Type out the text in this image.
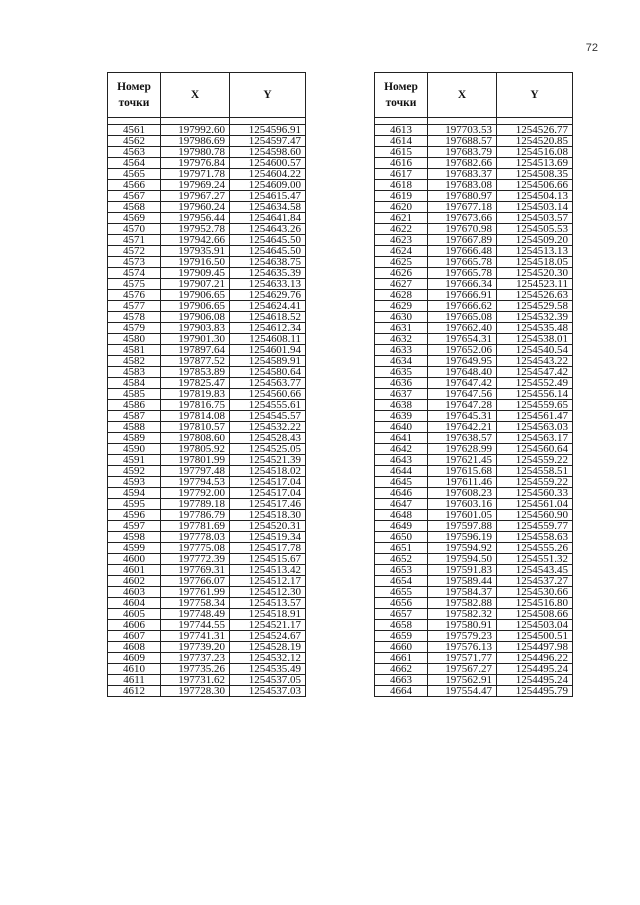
72
Номер точки	X	Y

4561	197992.60	1254596.91
4562	197986.69	1254597.47
4563	197980.78	1254598.60
4564	197976.84	1254600.57
4565	197971.78	1254604.22
4566	197969.24	1254609.00
4567	197967.27	1254615.47
4568	197960.24	1254634.58
4569	197956.44	1254641.84
4570	197952.78	1254643.26
4571	197942.66	1254645.50
4572	197935.91	1254645.50
4573	197916.50	1254638.75
4574	197909.45	1254635.39
4575	197907.21	1254633.13
4576	197906.65	1254629.76
4577	197906.65	1254624.41
4578	197906.08	1254618.52
4579	197903.83	1254612.34
4580	197901.30	1254608.11
4581	197897.64	1254601.94
4582	197877.52	1254589.91
4583	197853.89	1254580.64
4584	197825.47	1254563.77
4585	197819.83	1254560.66
4586	197816.75	1254555.61
4587	197814.08	1254545.57
4588	197810.57	1254532.22
4589	197808.60	1254528.43
4590	197805.92	1254525.05
4591	197801.99	1254521.39
4592	197797.48	1254518.02
4593	197794.53	1254517.04
4594	197792.00	1254517.04
4595	197789.18	1254517.46
4596	197786.79	1254518.30
4597	197781.69	1254520.31
4598	197778.03	1254519.34
4599	197775.08	1254517.78
4600	197772.39	1254515.67
4601	197769.31	1254513.42
4602	197766.07	1254512.17
4603	197761.99	1254512.30
4604	197758.34	1254513.57
4605	197748.49	1254518.91
4606	197744.55	1254521.17
4607	197741.31	1254524.67
4608	197739.20	1254528.19
4609	197737.23	1254532.12
4610	197735.26	1254535.49
4611	197731.62	1254537.05
4612	197728.30	1254537.03
Номер точки	X	Y

4613	197703.53	1254526.77
4614	197688.57	1254520.85
4615	197683.79	1254516.08
4616	197682.66	1254513.69
4617	197683.37	1254508.35
4618	197683.08	1254506.66
4619	197680.97	1254504.13
4620	197677.18	1254503.14
4621	197673.66	1254503.57
4622	197670.98	1254505.53
4623	197667.89	1254509.20
4624	197666.48	1254513.13
4625	197665.78	1254518.05
4626	197665.78	1254520.30
4627	197666.34	1254523.11
4628	197666.91	1254526.63
4629	197666.62	1254529.58
4630	197665.08	1254532.39
4631	197662.40	1254535.48
4632	197654.31	1254538.01
4633	197652.06	1254540.54
4634	197649.95	1254543.22
4635	197648.40	1254547.42
4636	197647.42	1254552.49
4637	197647.56	1254556.14
4638	197647.28	1254559.65
4639	197645.31	1254561.47
4640	197642.21	1254563.03
4641	197638.57	1254563.17
4642	197628.99	1254560.64
4643	197621.45	1254559.22
4644	197615.68	1254558.51
4645	197611.46	1254559.22
4646	197608.23	1254560.33
4647	197603.16	1254561.04
4648	197601.05	1254560.90
4649	197597.88	1254559.77
4650	197596.19	1254558.63
4651	197594.92	1254555.26
4652	197594.50	1254551.32
4653	197591.83	1254543.45
4654	197589.44	1254537.27
4655	197584.37	1254530.66
4656	197582.88	1254516.80
4657	197582.32	1254508.66
4658	197580.91	1254503.04
4659	197579.23	1254500.51
4660	197576.13	1254497.98
4661	197571.77	1254496.22
4662	197567.27	1254495.24
4663	197562.91	1254495.24
4664	197554.47	1254495.79
